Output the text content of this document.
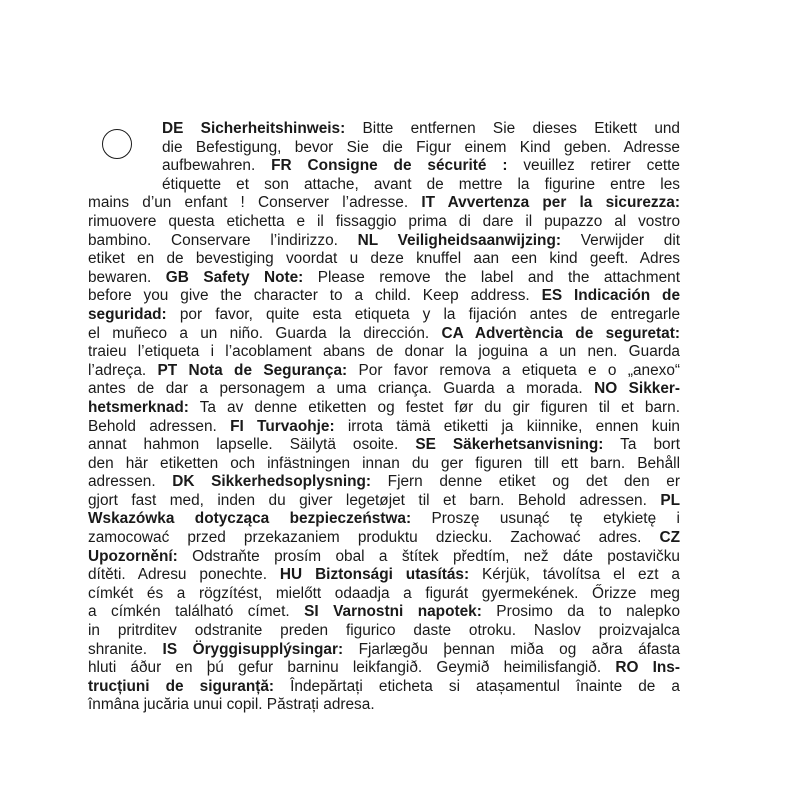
DE Sicherheitshinweis: Bitte entfernen Sie dieses Etikett und
die Befestigung, bevor Sie die Figur einem Kind geben. Adresse
aufbewahren. FR Consigne de sécurité : veuillez retirer cette
étiquette et son attache, avant de mettre la figurine entre les
mains d’un enfant ! Conserver l’adresse. IT Avvertenza per la sicurezza:
rimuovere questa etichetta e il fissaggio prima di dare il pupazzo al vostro
bambino. Conservare l’indirizzo. NL Veiligheidsaanwijzing: Verwijder dit
etiket en de bevestiging voordat u deze knuffel aan een kind geeft. Adres
bewaren. GB Safety Note: Please remove the label and the attachment
before you give the character to a child. Keep address. ES Indicación de
seguridad: por favor, quite esta etiqueta y la fijación antes de entregarle
el muñeco a un niño. Guarda la dirección. CA Advertència de seguretat:
traieu l’etiqueta i l’acoblament abans de donar la joguina a un nen. Guarda
l’adreça. PT Nota de Segurança: Por favor remova a etiqueta e o „anexo“
antes de dar a personagem a uma criança. Guarda a morada. NO Sikker-
hetsmerknad: Ta av denne etiketten og festet før du gir figuren til et barn.
Behold adressen. FI Turvaohje: irrota tämä etiketti ja kiinnike, ennen kuin
annat hahmon lapselle. Säilytä osoite. SE Säkerhetsanvisning: Ta bort
den här etiketten och infästningen innan du ger figuren till ett barn. Behåll
adressen. DK Sikkerhedsoplysning: Fjern denne etiket og det den er
gjort fast med, inden du giver legetøjet til et barn. Behold adressen. PL
Wskazówka dotycząca bezpieczeństwa: Proszę usunąć tę etykietę i
zamocować przed przekazaniem produktu dziecku. Zachować adres. CZ
Upozornění: Odstraňte prosím obal a štítek předtím, než dáte postavičku
dítěti. Adresu ponechte. HU Biztonsági utasítás: Kérjük, távolítsa el ezt a
címkét és a rögzítést, mielőtt odaadja a figurát gyermekének. Őrizze meg
a címkén található címet. SI Varnostni napotek: Prosimo da to nalepko
in pritrditev odstranite preden figurico daste otroku. Naslov proizvajalca
shranite. IS Öryggisupplýsingar: Fjarlægðu þennan miða og aðra áfasta
hluti áður en þú gefur barninu leikfangið. Geymið heimilisfangið. RO Ins-
trucțiuni de siguranță: Îndepărtați eticheta si atașamentul înainte de a
înmâna jucăria unui copil. Păstrați adresa.
